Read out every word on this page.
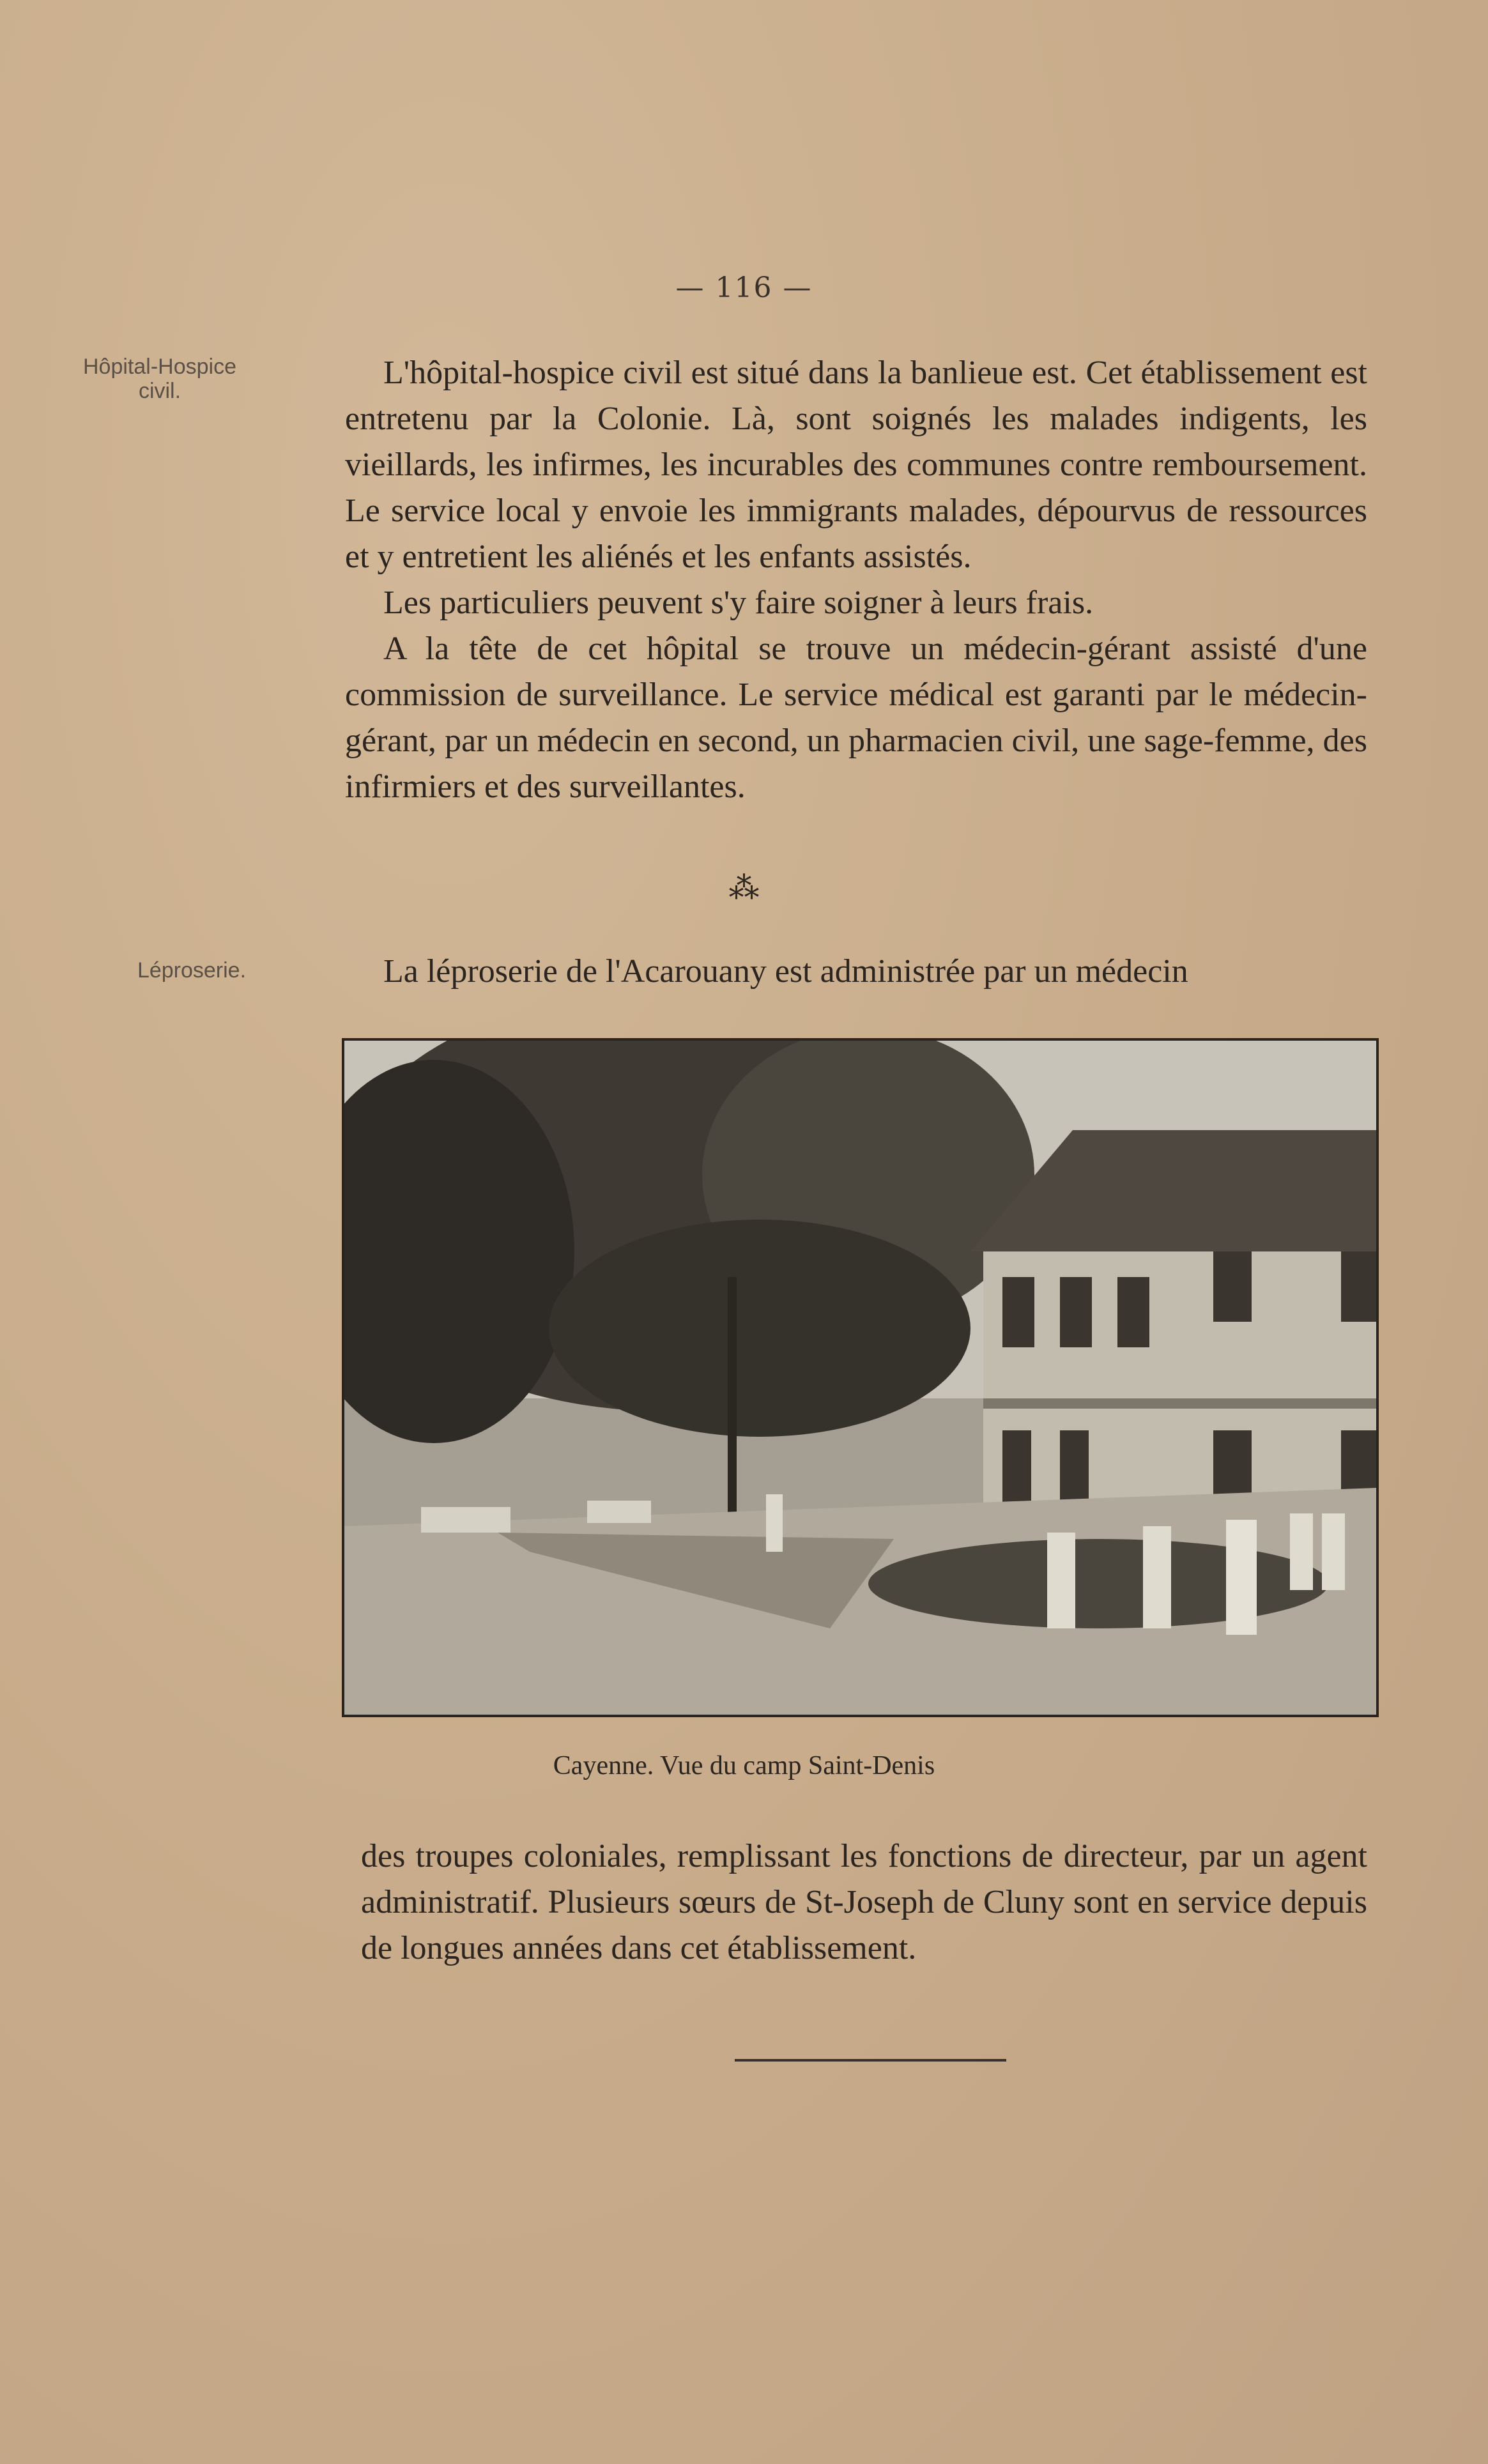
— 116 —
Hôpital-Hospice
civil.	L'hôpital-hospice civil est situé dans la banlieue est. Cet établissement est entretenu par la Colonie. Là, sont soignés les malades indigents, les vieillards, les infirmes, les incurables des communes contre remboursement. Le service local y envoie les immigrants malades, dépourvus de ressources et y entretient les aliénés et les enfants assistés.

Les particuliers peuvent s'y faire soigner à leurs frais.

A la tête de cet hôpital se trouve un médecin-gérant assisté d'une commission de surveillance. Le service médical est garanti par le médecin-gérant, par un médecin en second, un pharmacien civil, une sage-femme, des infirmiers et des surveillantes.

⁂
Léproserie.	La léproserie de l'Acarouany est administrée par un médecin

Cayenne. Vue du camp Saint-Denis

des troupes coloniales, remplissant les fonctions de directeur, par un agent administratif. Plusieurs sœurs de St-Joseph de Cluny sont en service depuis de longues années dans cet établissement.
